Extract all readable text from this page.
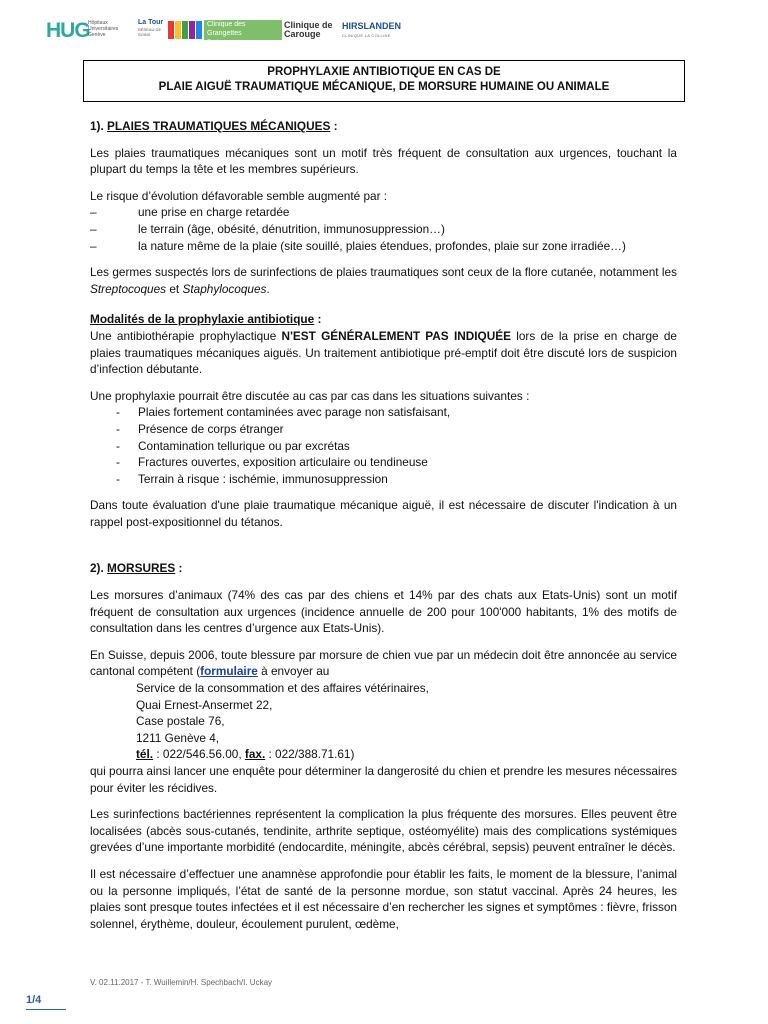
HUG
Hôpitaux Universitaires Genève
La Tour
RÉSEAU DE SOINS
Clinique des Grangettes
Genève
Clinique de Carouge
HIRSLANDEN
CLINIQUE LA COLLINE
PROPHYLAXIE ANTIBIOTIQUE EN CAS DE
PLAIE AIGUË TRAUMATIQUE MÉCANIQUE, DE MORSURE HUMAINE OU ANIMALE
1). PLAIES TRAUMATIQUES MÉCANIQUES :

Les plaies traumatiques mécaniques sont un motif très fréquent de consultation aux urgences, touchant la plupart du temps la tête et les membres supérieurs.

Le risque d’évolution défavorable semble augmenté par :
– une prise en charge retardée
– le terrain (âge, obésité, dénutrition, immunosuppression…)
– la nature même de la plaie (site souillé, plaies étendues, profondes, plaie sur zone irradiée…)

Les germes suspectés lors de surinfections de plaies traumatiques sont ceux de la flore cutanée, notamment les Streptocoques et Staphylocoques.

Modalités de la prophylaxie antibiotique :

Une antibiothérapie prophylactique N'EST GÉNÉRALEMENT PAS INDIQUÉE lors de la prise en charge de plaies traumatiques mécaniques aiguës. Un traitement antibiotique pré-emptif doit être discuté lors de suspicion d’infection débutante.

Une prophylaxie pourrait être discutée au cas par cas dans les situations suivantes :
- Plaies fortement contaminées avec parage non satisfaisant,
- Présence de corps étranger
- Contamination tellurique ou par excrétas
- Fractures ouvertes, exposition articulaire ou tendineuse
- Terrain à risque : ischémie, immunosuppression

Dans toute évaluation d'une plaie traumatique mécanique aiguë, il est nécessaire de discuter l'indication à un rappel post-expositionnel du tétanos.

2). MORSURES :

Les morsures d’animaux (74% des cas par des chiens et 14% par des chats aux Etats-Unis) sont un motif fréquent de consultation aux urgences (incidence annuelle de 200 pour 100'000 habitants, 1% des motifs de consultation dans les centres d’urgence aux Etats-Unis).

En Suisse, depuis 2006, toute blessure par morsure de chien vue par un médecin doit être annoncée au service cantonal compétent (formulaire à envoyer au
Service de la consommation et des affaires vétérinaires,
Quai Ernest-Ansermet 22,
Case postale 76,
1211 Genève 4,
tél. : 022/546.56.00, fax. : 022/388.71.61)

qui pourra ainsi lancer une enquête pour déterminer la dangerosité du chien et prendre les mesures nécessaires pour éviter les récidives.

Les surinfections bactériennes représentent la complication la plus fréquente des morsures. Elles peuvent être localisées (abcès sous-cutanés, tendinite, arthrite septique, ostéomyélite) mais des complications systémiques grevées d’une importante morbidité (endocardite, méningite, abcès cérébral, sepsis) peuvent entraîner le décès.

Il est nécessaire d’effectuer une anamnèse approfondie pour établir les faits, le moment de la blessure, l’animal ou la personne impliqués, l’état de santé de la personne mordue, son statut vaccinal. Après 24 heures, les plaies sont presque toutes infectées et il est nécessaire d’en rechercher les signes et symptômes : fièvre, frisson solennel, érythème, douleur, écoulement purulent, œdème,

V. 02.11.2017 - T. Wuillemin/H. Spechbach/I. Uckay
1/4
